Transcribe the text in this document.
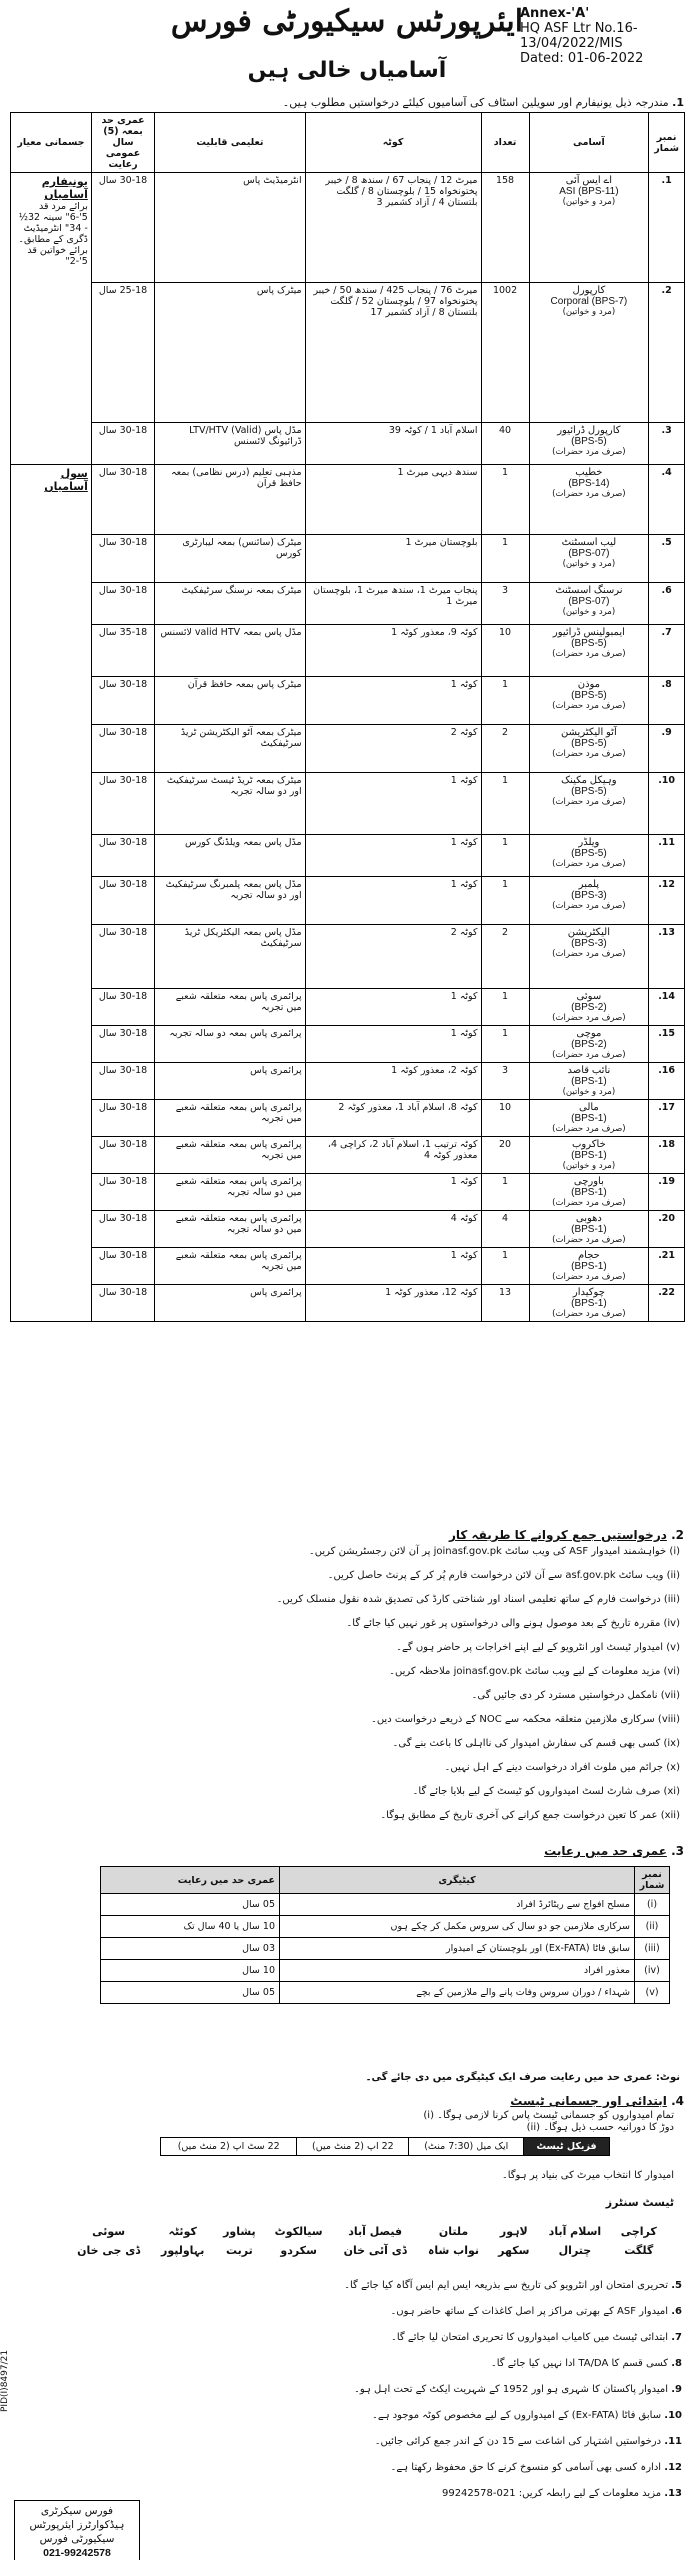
ایئرپورٹس سیکیورٹی فورس
Annex-'A'
HQ ASF Ltr No.16-13/04/2022/MIS
Dated: 01-06-2022
آسامیاں خالی ہیں
1. مندرجہ ذیل یونیفارم اور سویلین اسٹاف کی آسامیوں کیلئے درخواستیں مطلوب ہیں۔
نمبر شمار	آسامی	تعداد	کوٹہ	تعلیمی قابلیت	عمری حد بمعہ (5) سال عمومی رعایت	جسمانی معیار
1.	اے ایس آئی
ASI (BPS-11)
(مرد و خواتین)	158	میرٹ 12 / پنجاب 67 / سندھ 8 / خیبر پختونخواہ 15 / بلوچستان 8 / گلگت بلتستان 4 / آزاد کشمیر 3	انٹرمیڈیٹ پاس	30-18 سال	یونیفارم آسامیاں
برائے مرد قد 5'-6" سینہ 32½ - 34" انٹرمیڈیٹ ڈگری کے مطابق۔ برائے خواتین قد 5'-2"
2.	کارپورل
Corporal (BPS-7)
(مرد و خواتین)	1002	میرٹ 76 / پنجاب 425 / سندھ 50 / خیبر پختونخواہ 97 / بلوچستان 52 / گلگت بلتستان 8 / آزاد کشمیر 17	میٹرک پاس	25-18 سال	
3.	کارپورل ڈرائیور
(BPS-5)
(صرف مرد حضرات)	40	اسلام آباد 1 / کوٹہ 39	مڈل پاس LTV/HTV (Valid) ڈرائیونگ لائسنس	30-18 سال	
4.	خطیب
(BPS-14)
(صرف مرد حضرات)	1	سندھ دیہی میرٹ 1	مذہبی تعلیم (درس نظامی) بمعہ حافظ قرآن	30-18 سال	سول آسامیاں

5.	لیب اسسٹنٹ
(BPS-07)
(مرد و خواتین)	1	بلوچستان میرٹ 1	میٹرک (سائنس) بمعہ لیبارٹری کورس	30-18 سال	
6.	نرسنگ اسسٹنٹ
(BPS-07)
(مرد و خواتین)	3	پنجاب میرٹ 1، سندھ میرٹ 1، بلوچستان میرٹ 1	میٹرک بمعہ نرسنگ سرٹیفکیٹ	30-18 سال	
7.	ایمبولینس ڈرائیور
(BPS-5)
(صرف مرد حضرات)	10	کوٹہ 9، معذور کوٹہ 1	مڈل پاس بمعہ valid HTV لائسنس	35-18 سال	
8.	موذن
(BPS-5)
(صرف مرد حضرات)	1	کوٹہ 1	میٹرک پاس بمعہ حافظ قرآن	30-18 سال	
9.	آٹو الیکٹریشن
(BPS-5)
(صرف مرد حضرات)	2	کوٹہ 2	میٹرک بمعہ آٹو الیکٹریشن ٹریڈ سرٹیفکیٹ	30-18 سال	
10.	وہیکل مکینک
(BPS-5)
(صرف مرد حضرات)	1	کوٹہ 1	میٹرک بمعہ ٹریڈ ٹیسٹ سرٹیفکیٹ اور دو سالہ تجربہ	30-18 سال	
11.	ویلڈر
(BPS-5)
(صرف مرد حضرات)	1	کوٹہ 1	مڈل پاس بمعہ ویلڈنگ کورس	30-18 سال	
12.	پلمبر
(BPS-3)
(صرف مرد حضرات)	1	کوٹہ 1	مڈل پاس بمعہ پلمبرنگ سرٹیفکیٹ اور دو سالہ تجربہ	30-18 سال	
13.	الیکٹریشن
(BPS-3)
(صرف مرد حضرات)	2	کوٹہ 2	مڈل پاس بمعہ الیکٹریکل ٹریڈ سرٹیفکیٹ	30-18 سال	
14.	سوئی
(BPS-2)
(صرف مرد حضرات)	1	کوٹہ 1	پرائمری پاس بمعہ متعلقہ شعبے میں تجربہ	30-18 سال	
15.	موچی
(BPS-2)
(صرف مرد حضرات)	1	کوٹہ 1	پرائمری پاس بمعہ دو سالہ تجربہ	30-18 سال	
16.	نائب قاصد
(BPS-1)
(مرد و خواتین)	3	کوٹہ 2، معذور کوٹہ 1	پرائمری پاس	30-18 سال	
17.	مالی
(BPS-1)
(صرف مرد حضرات)	10	کوٹہ 8، اسلام آباد 1، معذور کوٹہ 2	پرائمری پاس بمعہ متعلقہ شعبے میں تجربہ	30-18 سال	
18.	خاکروب
(BPS-1)
(مرد و خواتین)	20	کوٹہ ترتیب 1، اسلام آباد 2، کراچی 4، معذور کوٹہ 4	پرائمری پاس بمعہ متعلقہ شعبے میں تجربہ	30-18 سال	
19.	باورچی
(BPS-1)
(صرف مرد حضرات)	1	کوٹہ 1	پرائمری پاس بمعہ متعلقہ شعبے میں دو سالہ تجربہ	30-18 سال	
20.	دھوبی
(BPS-1)
(صرف مرد حضرات)	4	کوٹہ 4	پرائمری پاس بمعہ متعلقہ شعبے میں دو سالہ تجربہ	30-18 سال	
21.	حجام
(BPS-1)
(صرف مرد حضرات)	1	کوٹہ 1	پرائمری پاس بمعہ متعلقہ شعبے میں تجربہ	30-18 سال	
22.	چوکیدار
(BPS-1)
(صرف مرد حضرات)	13	کوٹہ 12، معذور کوٹہ 1	پرائمری پاس	30-18 سال	
2. درخواستیں جمع کروانے کا طریقہ کار
(i) خواہشمند امیدوار ASF کی ویب سائٹ joinasf.gov.pk پر آن لائن رجسٹریشن کریں۔
(ii) ویب سائٹ asf.gov.pk سے آن لائن درخواست فارم پُر کر کے پرنٹ حاصل کریں۔
(iii) درخواست فارم کے ساتھ تعلیمی اسناد اور شناختی کارڈ کی تصدیق شدہ نقول منسلک کریں۔
(iv) مقررہ تاریخ کے بعد موصول ہونے والی درخواستوں پر غور نہیں کیا جائے گا۔
(v) امیدوار ٹیسٹ اور انٹرویو کے لیے اپنے اخراجات پر حاضر ہوں گے۔
(vi) مزید معلومات کے لیے ویب سائٹ joinasf.gov.pk ملاحظہ کریں۔
(vii) نامکمل درخواستیں مسترد کر دی جائیں گی۔
(viii) سرکاری ملازمین متعلقہ محکمہ سے NOC کے ذریعے درخواست دیں۔
(ix) کسی بھی قسم کی سفارش امیدوار کی نااہلی کا باعث بنے گی۔
(x) جرائم میں ملوث افراد درخواست دینے کے اہل نہیں۔
(xi) صرف شارٹ لسٹ امیدواروں کو ٹیسٹ کے لیے بلایا جائے گا۔
(xii) عمر کا تعین درخواست جمع کرانے کی آخری تاریخ کے مطابق ہوگا۔
3. عمری حد میں رعایت
نمبر شمار	کیٹیگری	عمری حد میں رعایت
(i)	مسلح افواج سے ریٹائرڈ افراد	05 سال
(ii)	سرکاری ملازمین جو دو سال کی سروس مکمل کر چکے ہوں	10 سال یا 40 سال تک
(iii)	سابق فاٹا (Ex-FATA) اور بلوچستان کے امیدوار	03 سال
(iv)	معذور افراد	10 سال
(v)	شہداء / دوران سروس وفات پانے والے ملازمین کے بچے	05 سال
نوٹ: عمری حد میں رعایت صرف ایک کیٹیگری میں دی جائے گی۔
4. ابتدائی اور جسمانی ٹیسٹ
(i) تمام امیدواروں کو جسمانی ٹیسٹ پاس کرنا لازمی ہوگا۔
(ii) دوڑ کا دورانیہ حسب ذیل ہوگا۔
فزیکل ٹیسٹ	ایک میل (7:30 منٹ)	22 اپ (2 منٹ میں)	22 سٹ اپ (2 منٹ میں)
امیدوار کا انتخاب میرٹ کی بنیاد پر ہوگا۔
ٹیسٹ سنٹرز
کراچی	اسلام آباد	لاہور	ملتان	فیصل آباد	سیالکوٹ	پشاور	کوئٹہ	سوئی
گلگت	چترال	سکھر	نواب شاہ	ڈی آئی خان	سکردو	تربت	بہاولپور	ڈی جی خان
5. تحریری امتحان اور انٹرویو کی تاریخ سے بذریعہ ایس ایم ایس آگاہ کیا جائے گا۔
6. امیدوار ASF کے بھرتی مراکز پر اصل کاغذات کے ساتھ حاضر ہوں۔
7. ابتدائی ٹیسٹ میں کامیاب امیدواروں کا تحریری امتحان لیا جائے گا۔
8. کسی قسم کا TA/DA ادا نہیں کیا جائے گا۔
9. امیدوار پاکستان کا شہری ہو اور 1952 کے شہریت ایکٹ کے تحت اہل ہو۔
10. سابق فاٹا (Ex-FATA) کے امیدواروں کے لیے مخصوص کوٹہ موجود ہے۔
11. درخواستیں اشتہار کی اشاعت سے 15 دن کے اندر جمع کرائی جائیں۔
12. ادارہ کسی بھی آسامی کو منسوخ کرنے کا حق محفوظ رکھتا ہے۔
13. مزید معلومات کے لیے رابطہ کریں: 021-99242578
PID(I)8497/21
فورس سیکرٹری
ہیڈکوارٹرز ایئرپورٹس سیکیورٹی فورس
021-99242578
